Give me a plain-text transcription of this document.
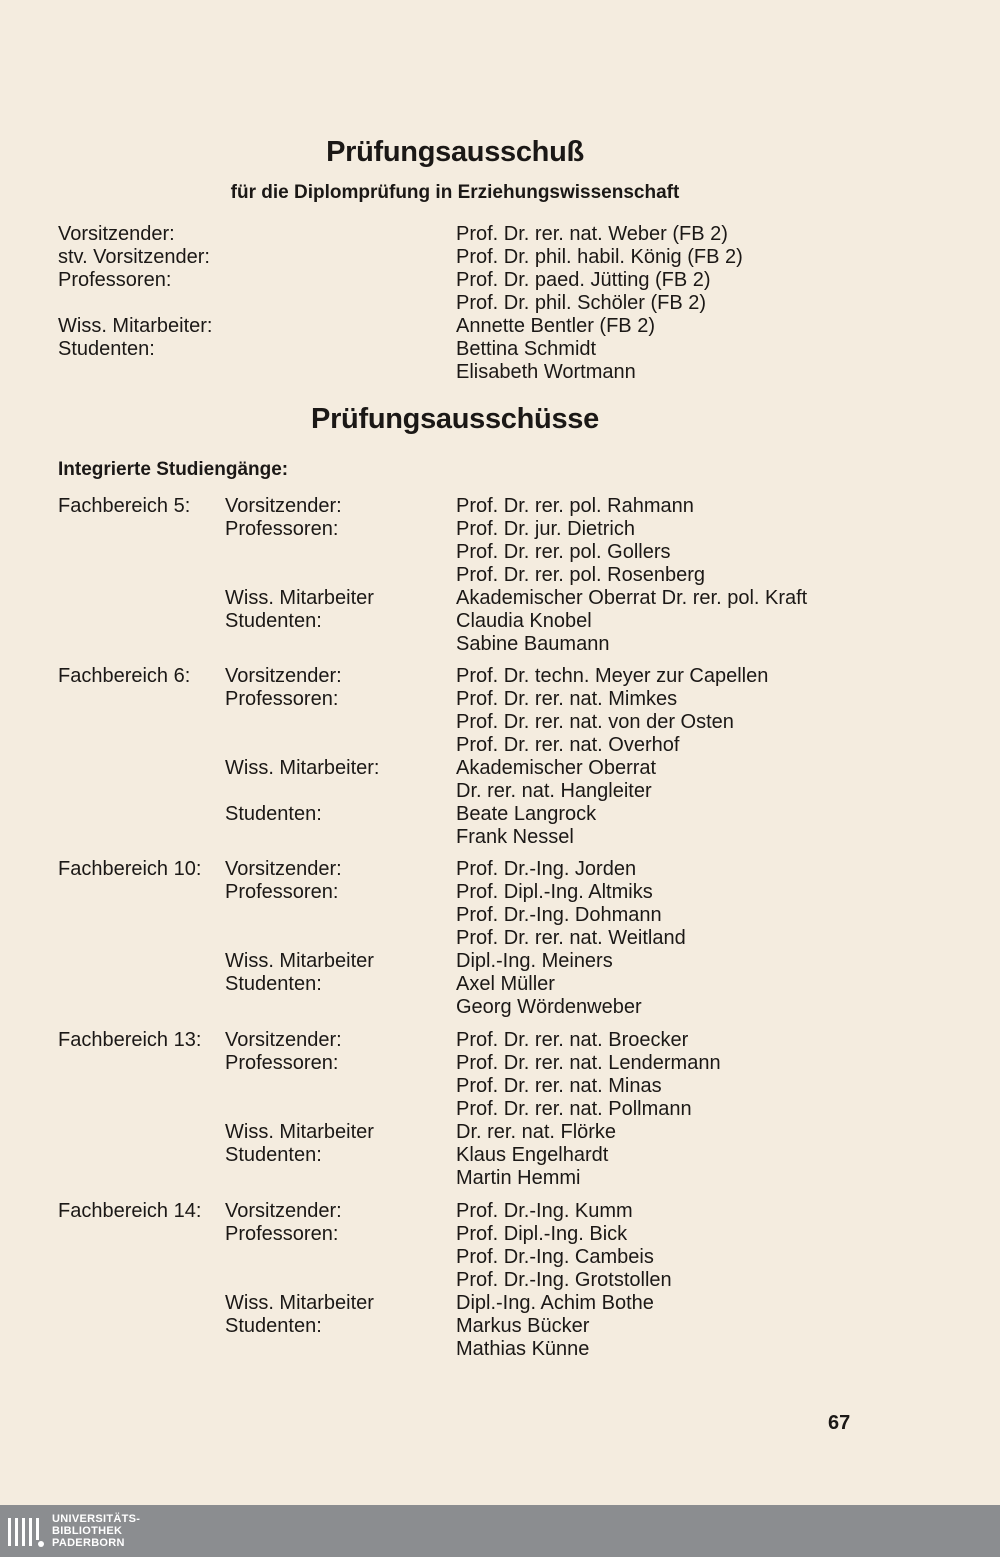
Prüfungsausschuß
für die Diplomprüfung in Erziehungswissenschaft
Vorsitzender:	Prof. Dr. rer. nat. Weber (FB 2)
stv. Vorsitzender:	Prof. Dr. phil. habil. König (FB 2)
Professoren:	Prof. Dr. paed. Jütting (FB 2)
Prof. Dr. phil. Schöler (FB 2)
Wiss. Mitarbeiter:	Annette Bentler (FB 2)
Studenten:	Bettina Schmidt
Elisabeth Wortmann
Prüfungsausschüsse
Integrierte Studiengänge:
Fachbereich 5: Vorsitzender:	Prof. Dr. rer. pol. Rahmann
Professoren:	Prof. Dr. jur. Dietrich
Prof. Dr. rer. pol. Gollers
Prof. Dr. rer. pol. Rosenberg
Wiss. Mitarbeiter	Akademischer Oberrat Dr. rer. pol. Kraft
Studenten:	Claudia Knobel
Sabine Baumann
Fachbereich 6: Vorsitzender:	Prof. Dr. techn. Meyer zur Capellen
Professoren:	Prof. Dr. rer. nat. Mimkes
Prof. Dr. rer. nat. von der Osten
Prof. Dr. rer. nat. Overhof
Wiss. Mitarbeiter:	Akademischer Oberrat
Dr. rer. nat. Hangleiter
Studenten:	Beate Langrock
Frank Nessel
Fachbereich 10: Vorsitzender:	Prof. Dr.-Ing. Jorden
Professoren:	Prof. Dipl.-Ing. Altmiks
Prof. Dr.-Ing. Dohmann
Prof. Dr. rer. nat. Weitland
Wiss. Mitarbeiter	Dipl.-Ing. Meiners
Studenten:	Axel Müller
Georg Wördenweber
Fachbereich 13: Vorsitzender:	Prof. Dr. rer. nat. Broecker
Professoren:	Prof. Dr. rer. nat. Lendermann
Prof. Dr. rer. nat. Minas
Prof. Dr. rer. nat. Pollmann
Wiss. Mitarbeiter	Dr. rer. nat. Flörke
Studenten:	Klaus Engelhardt
Martin Hemmi
Fachbereich 14: Vorsitzender:	Prof. Dr.-Ing. Kumm
Professoren:	Prof. Dipl.-Ing. Bick
Prof. Dr.-Ing. Cambeis
Prof. Dr.-Ing. Grotstollen
Wiss. Mitarbeiter	Dipl.-Ing. Achim Bothe
Studenten:	Markus Bücker
Mathias Künne
67
UNIVERSITÄTS-
BIBLIOTHEK
PADERBORN
